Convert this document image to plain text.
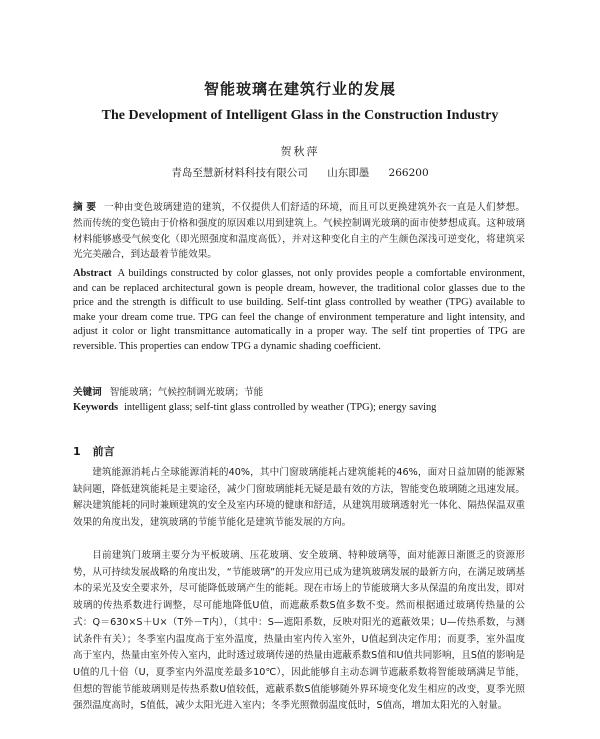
智能玻璃在建筑行业的发展
The Development of Intelligent Glass in the Construction Industry
贺秋萍
青岛至慧新材料科技有限公司 山东即墨 266200
摘 要 一种由变色玻璃建造的建筑，不仅提供人们舒适的环境，而且可以更换建筑外衣一直是人们梦想。然而传统的变色镜由于价格和强度的原因难以用到建筑上。气候控制调光玻璃的面市使梦想成真。这种玻璃材料能够感受气候变化（即光照强度和温度高低），并对这种变化自主的产生颜色深浅可逆变化，将建筑采光完美融合，到达最着节能效果。
Abstract A buildings constructed by color glasses, not only provides people a comfortable environment, and can be replaced architectural gown is people dream, however, the traditional color glasses due to the price and the strength is difficult to use building. Self-tint glass controlled by weather (TPG) available to make your dream come true. TPG can feel the change of environment temperature and light intensity, and adjust it color or light transmittance automatically in a proper way. The self tint properties of TPG are reversible. This properties can endow TPG a dynamic shading coefficient.
关键词 智能玻璃；气候控制调光玻璃；节能
Keywords intelligent glass; self-tint glass controlled by weather (TPG); energy saving
1 前言
建筑能源消耗占全球能源消耗的40%，其中门窗玻璃能耗占建筑能耗的46%，面对日益加剧的能源紧缺问题，降低建筑能耗是主要途径，减少门窗玻璃能耗无疑是最有效的方法，智能变色玻璃随之迅速发展。解决建筑能耗的同时兼顾建筑的安全及室内环境的健康和舒适，从建筑用玻璃透射光一体化、隔热保温双重效果的角度出发，建筑玻璃的节能节能化是建筑节能发展的方向。
目前建筑门玻璃主要分为平板玻璃、压花玻璃、安全玻璃、特种玻璃等，面对能源日渐匮乏的资源形势，从可持续发展战略的角度出发，“节能玻璃”的开发应用已成为建筑玻璃发展的最新方向，在满足玻璃基本的采光及安全要求外，尽可能降低玻璃产生的能耗。现在市场上的节能玻璃大多从保温的角度出发，即对玻璃的传热系数进行调整，尽可能地降低U值，而遮蔽系数S值多数不变。然而根据通过玻璃传热量的公式：Q＝630×S＋U×（T外－T内），（其中：S—遮阳系数，反映对阳光的遮蔽效果；U—传热系数，与测试条件有关）；冬季室内温度高于室外温度，热量由室内传入室外，U值起到决定作用；而夏季，室外温度高于室内，热量由室外传入室内，此时透过玻璃传递的热量由遮蔽系数S值和U值共同影响，且S值的影响是U值的几十倍（U，夏季室内外温度差最多10℃），因此能够自主动态调节遮蔽系数将智能玻璃满足节能，但想的智能节能玻璃则是传热系数U值较低，遮蔽系数S值能够随外界环境变化发生相应的改变，夏季光照强烈温度高时，S值低，减少太阳光进入室内；冬季光照微弱温度低时，S值高，增加太阳光的入射量。
